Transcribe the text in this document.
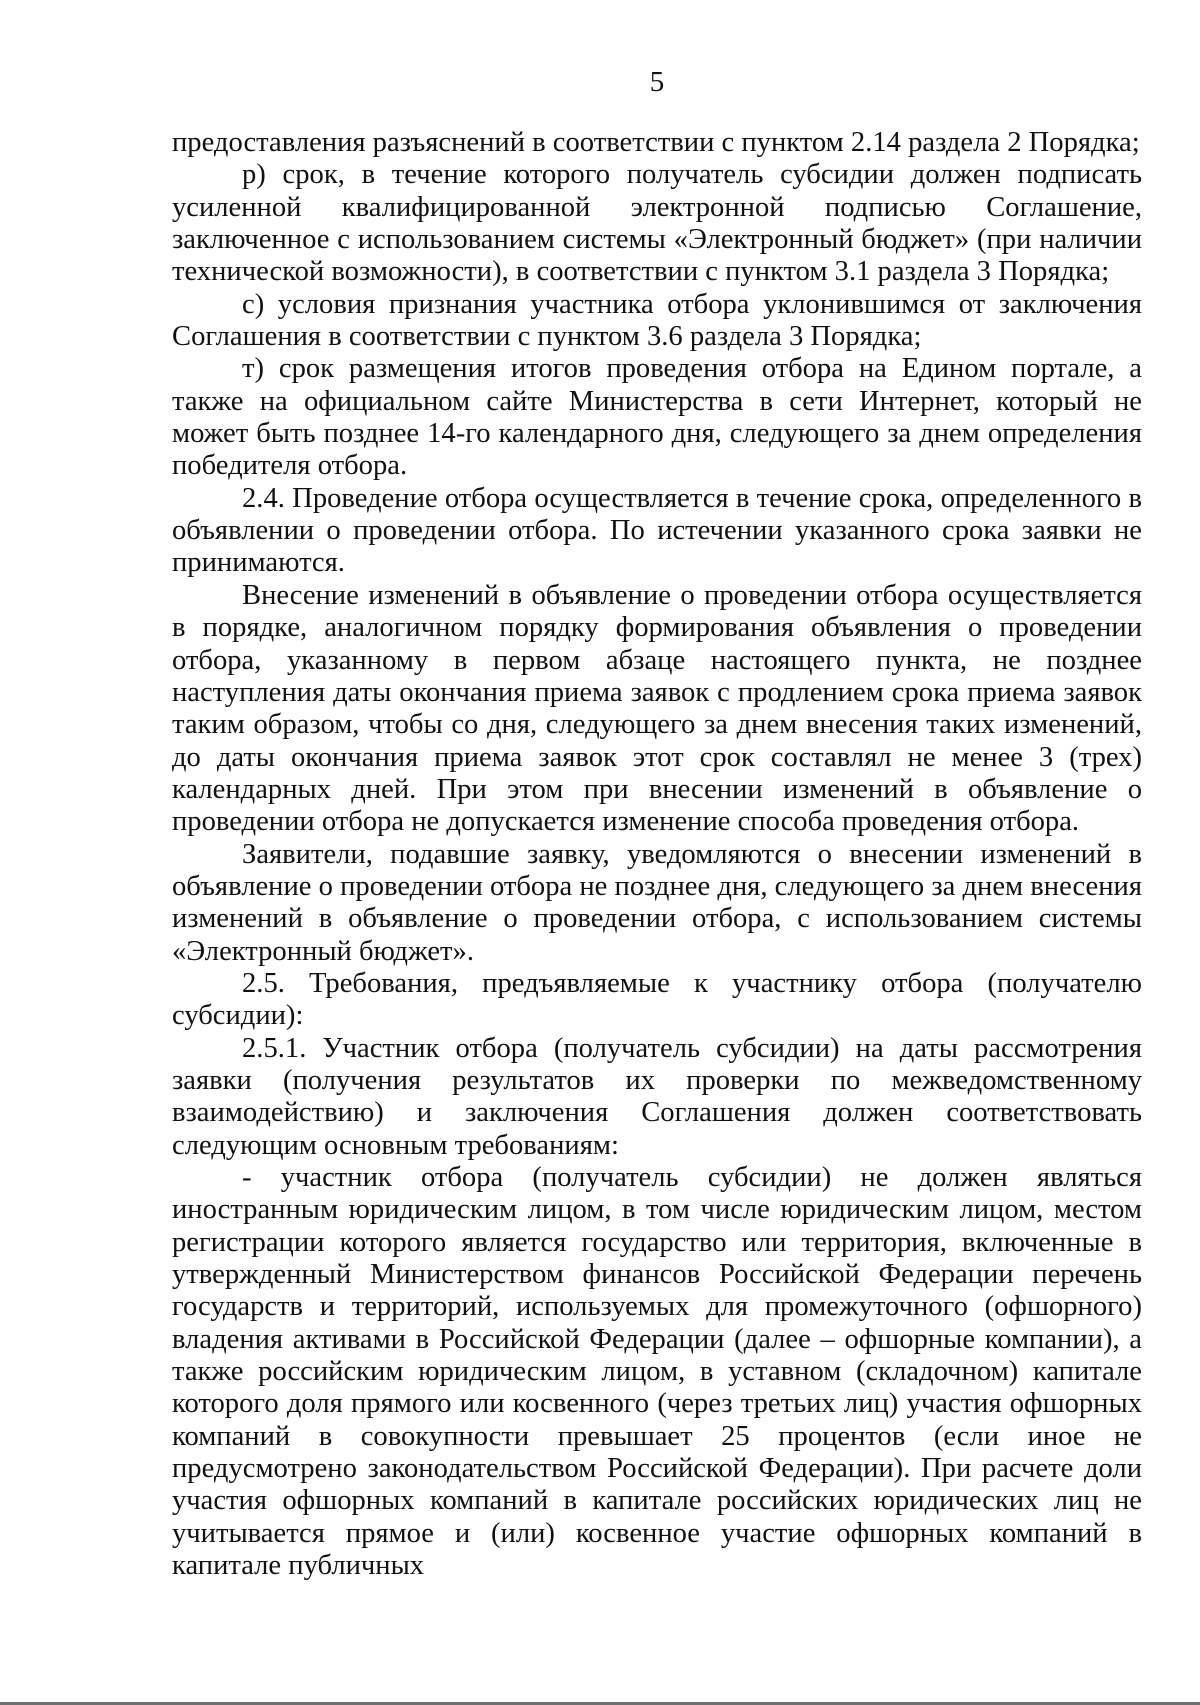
5

предоставления разъяснений в соответствии с пунктом 2.14 раздела 2 Порядка;

р) срок, в течение которого получатель субсидии должен подписать усиленной квалифицированной электронной подписью Соглашение, заключенное с использованием системы «Электронный бюджет» (при наличии технической возможности), в соответствии с пунктом 3.1 раздела 3 Порядка;

с) условия признания участника отбора уклонившимся от заключения Соглашения в соответствии с пунктом 3.6 раздела 3 Порядка;

т) срок размещения итогов проведения отбора на Едином портале, а также на официальном сайте Министерства в сети Интернет, который не может быть позднее 14-го календарного дня, следующего за днем определения победителя отбора.

2.4. Проведение отбора осуществляется в течение срока, определенного в объявлении о проведении отбора. По истечении указанного срока заявки не принимаются.

Внесение изменений в объявление о проведении отбора осуществляется в порядке, аналогичном порядку формирования объявления о проведении отбора, указанному в первом абзаце настоящего пункта, не позднее наступления даты окончания приема заявок с продлением срока приема заявок таким образом, чтобы со дня, следующего за днем внесения таких изменений, до даты окончания приема заявок этот срок составлял не менее 3 (трех) календарных дней. При этом при внесении изменений в объявление о проведении отбора не допускается изменение способа проведения отбора.

Заявители, подавшие заявку, уведомляются о внесении изменений в объявление о проведении отбора не позднее дня, следующего за днем внесения изменений в объявление о проведении отбора, с использованием системы «Электронный бюджет».

2.5. Требования, предъявляемые к участнику отбора (получателю субсидии):

2.5.1. Участник отбора (получатель субсидии) на даты рассмотрения заявки (получения результатов их проверки по межведомственному взаимодействию) и заключения Соглашения должен соответствовать следующим основным требованиям:

- участник отбора (получатель субсидии) не должен являться иностранным юридическим лицом, в том числе юридическим лицом, местом регистрации которого является государство или территория, включенные в утвержденный Министерством финансов Российской Федерации перечень государств и территорий, используемых для промежуточного (офшорного) владения активами в Российской Федерации (далее – офшорные компании), а также российским юридическим лицом, в уставном (складочном) капитале которого доля прямого или косвенного (через третьих лиц) участия офшорных компаний в совокупности превышает 25 процентов (если иное не предусмотрено законодательством Российской Федерации). При расчете доли участия офшорных компаний в капитале российских юридических лиц не учитывается прямое и (или) косвенное участие офшорных компаний в капитале публичных
